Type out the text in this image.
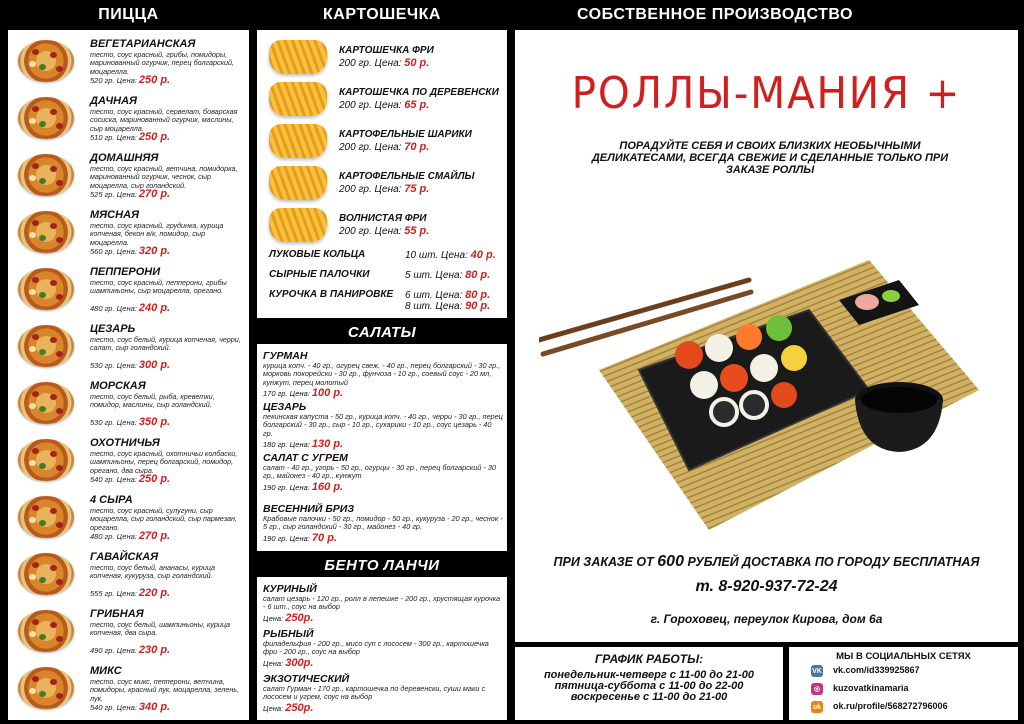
ПИЦЦА	КАРТОШЕЧКА	СОБСТВЕННОЕ ПРОИЗВОДСТВО
ВЕГЕТАРИАНСКАЯ
тесто, соус красный, грибы, помидоры, маринованный огурчик, перец болгарский, моцарелла.
520 гр. Цена: 250 р.
ДАЧНАЯ
тесто, соус красный, сервелат, боварская сосиска, маринованный огурчик, маслины, сыр моцарелла.
510 гр. Цена: 250 р.
ДОМАШНЯЯ
тесто, соус красный, ветчина, помидорка, маринованный огурчик, чеснок, сыр моцарелла, сыр голандский.
525 гр. Цена: 270 р.
МЯСНАЯ
тесто, соус красный, грудинка, курица копченая, бекон в/к, помидор, сыр моцарелла.
560 гр. Цена: 320 р.
ПЕППЕРОНИ
тесто, соус красный, пепперони, грибы шампиньоны, сыр моцарелла, орегано.
480 гр. Цена: 240 р.
ЦЕЗАРЬ
тесто, соус белый, курица копченая, черри, салат, сыр голандский.
530 гр. Цена: 300 р.
МОРСКАЯ
тесто, соус белый, рыба, креветки, помидор, маслины, сыр голандский.
530 гр. Цена: 350 р.
ОХОТНИЧЬЯ
тесто, соус красный, охотничьи колбаски, шампиньоны, перец болгарский, помидор, орегано, два сыра.
540 гр. Цена: 250 р.
4 СЫРА
тесто, соус красный, сулугуни, сыр моцарелла, сыр голандский, сыр пармезан, орегано.
480 гр. Цена: 270 р.
ГАВАЙСКАЯ
тесто, соус белый, ананасы, курица копченая, кукуруза, сыр голандский.
555 гр. Цена: 220 р.
ГРИБНАЯ
тесто, соус белый, шампиньоны, курица копченая, два сыра.
490 гр. Цена: 230 р.
МИКС
тесто, соус микс, пепперони, ветчина, помидоры, красный лук, моцарелла, зелень, лук.
540 гр. Цена: 340 р.
КАРТОШЕЧКА ФРИ
200 гр. Цена: 50 р.
КАРТОШЕЧКА ПО ДЕРЕВЕНСКИ
200 гр. Цена: 65 р.
КАРТОФЕЛЬНЫЕ ШАРИКИ
200 гр. Цена: 70 р.
КАРТОФЕЛЬНЫЕ СМАЙЛЫ
200 гр. Цена: 75 р.
ВОЛНИСТАЯ ФРИ
200 гр. Цена: 55 р.
ЛУКОВЫЕ КОЛЬЦА	10 шт. Цена: 40 р.
СЫРНЫЕ ПАЛОЧКИ	5 шт. Цена: 80 р.
КУРОЧКА В ПАНИРОВКЕ 6 шт. Цена: 80 р.
8 шт. Цена: 90 р.
САЛАТЫ
ГУРМАН
курица копч. - 40 гр., огурец свеж. - 40 гр., перец болгарский - 30 гр., морковь покорейски - 30 гр., фунчоза - 10 гр., соевый соус - 20 мл, кунжут, перец молотый
170 гр. Цена: 100 р.
ЦЕЗАРЬ
пекинская капуста - 50 гр., курица копч. - 40 гр., черри - 30 гр., перец болгарский - 30 гр., сыр - 10 гр., сухарики - 10 гр., соус цезарь - 40 гр.
180 гр. Цена: 130 р.
САЛАТ С УГРЕМ
салат - 40 гр., угорь - 50 гр., огурцы - 30 гр., перец болгарский - 30 гр., майонез - 40 гр., кунжут
190 гр. Цена: 160 р.
ВЕСЕННИЙ БРИЗ
Крабовые палочки - 50 гр., помидор - 50 гр., кукуруза - 20 гр., чеснок - 5 гр., сыр голандский - 30 гр., майонез - 40 гр.
190 гр. Цена: 70 р.
БЕНТО ЛАНЧИ
КУРИНЫЙ
салат цезарь - 120 гр., ролл в лепешке - 200 гр., хрустящая курочка - 6 шт., соус на выбор
Цена: 250р.
РЫБНЫЙ
филадельфия - 200 гр., мисо суп с лососем - 300 гр., картошечка фри - 200 гр., соус на выбор
Цена: 300р.
ЭКЗОТИЧЕСКИЙ
салат Гурман - 170 гр., картошечка по деревенски, суши маки с лососем и угрем, соус на выбор
Цена: 250р.
РОЛЛЫ-МАНИЯ +
ПОРАДУЙТЕ СЕБЯ И СВОИХ БЛИЗКИХ НЕОБЫЧНЫМИ ДЕЛИКАТЕСАМИ, ВСЕГДА СВЕЖИЕ И СДЕЛАННЫЕ ТОЛЬКО ПРИ ЗАКАЗЕ РОЛЛЫ
ПРИ ЗАКАЗЕ ОТ 600 РУБЛЕЙ ДОСТАВКА ПО ГОРОДУ БЕСПЛАТНАЯ
т. 8-920-937-72-24
г. Гороховец, переулок Кирова, дом 6а
ГРАФИК РАБОТЫ:
понедельник-четверг с 11-00 до 21-00
пятница-суббота с 11-00 до 22-00
воскресенье с 11-00 до 21-00
МЫ В СОЦИАЛЬНЫХ СЕТЯХ
VK vk.com/id339925867
◎	kuzovatkinamaria
ok ok.ru/profile/568272796006
